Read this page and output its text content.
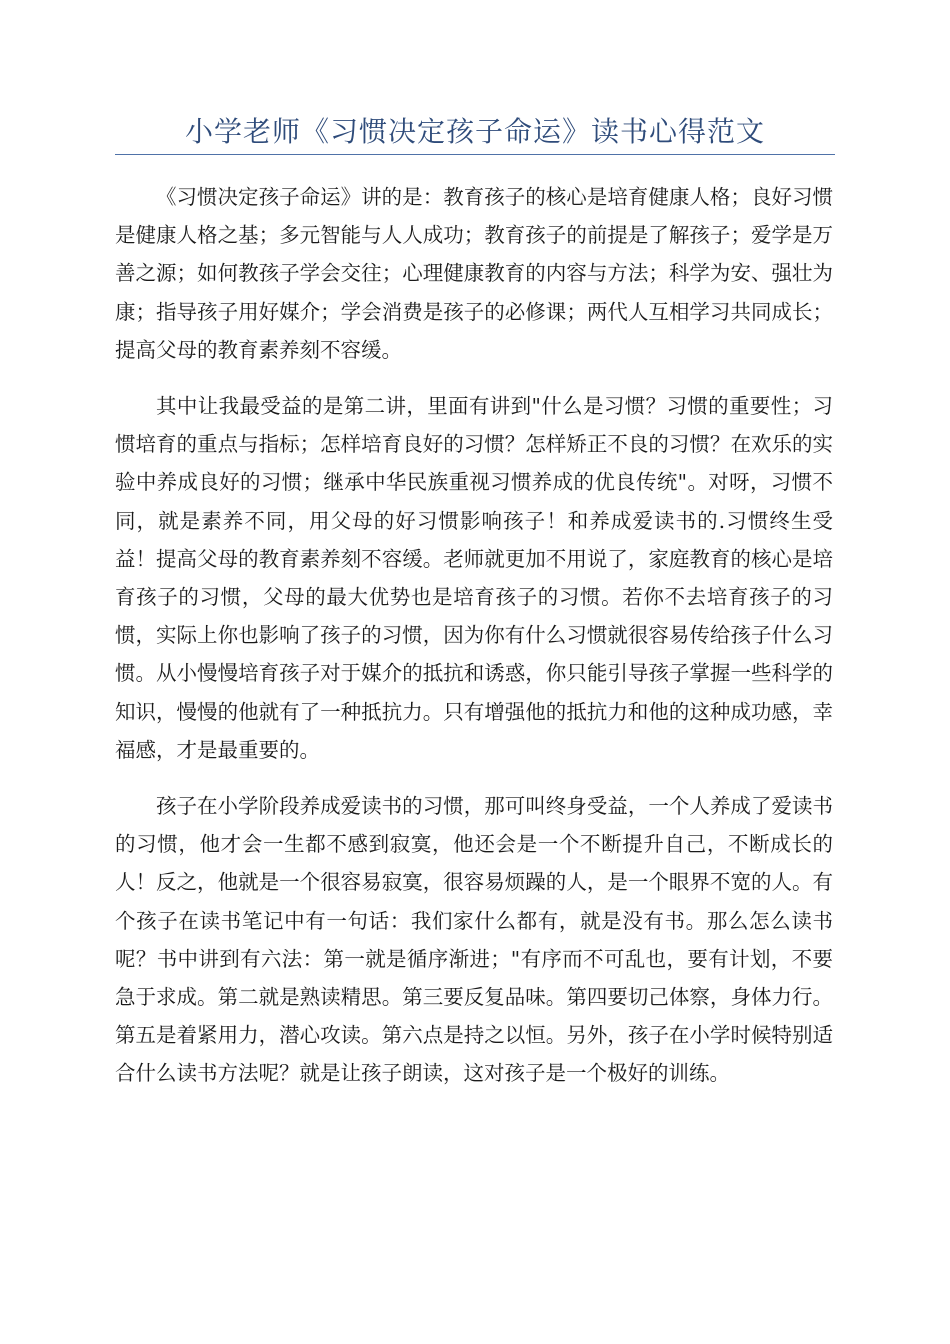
小学老师《习惯决定孩子命运》读书心得范文

《习惯决定孩子命运》讲的是：教育孩子的核心是培育健康人格；良好习惯是健康人格之基；多元智能与人人成功；教育孩子的前提是了解孩子；爱学是万善之源；如何教孩子学会交往；心理健康教育的内容与方法；科学为安、强壮为康；指导孩子用好媒介；学会消费是孩子的必修课；两代人互相学习共同成长；提高父母的教育素养刻不容缓。

其中让我最受益的是第二讲，里面有讲到"什么是习惯？习惯的重要性；习惯培育的重点与指标；怎样培育良好的习惯？怎样矫正不良的习惯？在欢乐的实验中养成良好的习惯；继承中华民族重视习惯养成的优良传统"。对呀，习惯不同，就是素养不同，用父母的好习惯影响孩子！和养成爱读书的.习惯终生受益！提高父母的教育素养刻不容缓。老师就更加不用说了，家庭教育的核心是培育孩子的习惯，父母的最大优势也是培育孩子的习惯。若你不去培育孩子的习惯，实际上你也影响了孩子的习惯，因为你有什么习惯就很容易传给孩子什么习惯。从小慢慢培育孩子对于媒介的抵抗和诱惑，你只能引导孩子掌握一些科学的知识，慢慢的他就有了一种抵抗力。只有增强他的抵抗力和他的这种成功感，幸福感，才是最重要的。

孩子在小学阶段养成爱读书的习惯，那可叫终身受益，一个人养成了爱读书的习惯，他才会一生都不感到寂寞，他还会是一个不断提升自己，不断成长的人！反之，他就是一个很容易寂寞，很容易烦躁的人，是一个眼界不宽的人。有个孩子在读书笔记中有一句话：我们家什么都有，就是没有书。那么怎么读书呢？书中讲到有六法：第一就是循序渐进；"有序而不可乱也，要有计划，不要急于求成。第二就是熟读精思。第三要反复品味。第四要切己体察，身体力行。第五是着紧用力，潜心攻读。第六点是持之以恒。另外，孩子在小学时候特别适合什么读书方法呢？就是让孩子朗读，这对孩子是一个极好的训练。
